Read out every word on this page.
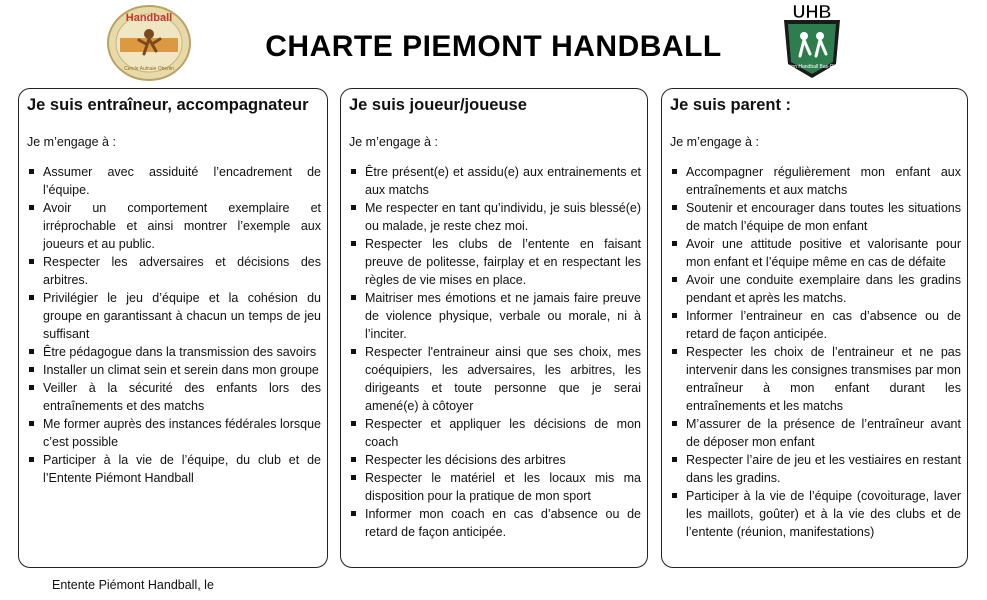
Handball
Cercle Aulnaie Oberlin
CHARTE PIEMONT HANDBALL
UHB
Union Handball Bas-Rhin
Je suis entraîneur, accompagnateur
Je m’engage à :
Assumer avec assiduité l’encadrement de l’équipe.
Avoir un comportement exemplaire et irréprochable et ainsi montrer l’exemple aux joueurs et au public.
Respecter les adversaires et décisions des arbitres.
Privilégier le jeu d’équipe et la cohésion du groupe en garantissant à chacun un temps de jeu suffisant
Être pédagogue dans la transmission des savoirs
Installer un climat sein et serein dans mon groupe
Veiller à la sécurité des enfants lors des entraînements et des matchs
Me former auprès des instances fédérales lorsque c’est possible
Participer à la vie de l’équipe, du club et de l’Entente Piémont Handball
Je suis joueur/joueuse
Je m’engage à :
Être présent(e) et assidu(e) aux entrainements et aux matchs
Me respecter en tant qu’individu, je suis blessé(e) ou malade, je reste chez moi.
Respecter les clubs de l’entente en faisant preuve de politesse, fairplay et en respectant les règles de vie mises en place.
Maitriser mes émotions et ne jamais faire preuve de violence physique, verbale ou morale, ni à l’inciter.
Respecter l'entraineur ainsi que ses choix, mes coéquipiers, les adversaires, les arbitres, les dirigeants et toute personne que je serai amené(e) à côtoyer
Respecter et appliquer les décisions de mon coach
Respecter les décisions des arbitres
Respecter le matériel et les locaux mis ma disposition pour la pratique de mon sport
Informer mon coach en cas d’absence ou de retard de façon anticipée.
Je suis parent :
Je m’engage à :
Accompagner régulièrement mon enfant aux entraînements et aux matchs
Soutenir et encourager dans toutes les situations de match l’équipe de mon enfant
Avoir une attitude positive et valorisante pour mon enfant et l’équipe même en cas de défaite
Avoir une conduite exemplaire dans les gradins pendant et après les matchs.
Informer l’entraineur en cas d’absence ou de retard de façon anticipée.
Respecter les choix de l’entraineur et ne pas intervenir dans les consignes transmises par mon entraîneur à mon enfant durant les entraînements et les matchs
M’assurer de la présence de l’entraîneur avant de déposer mon enfant
Respecter l’aire de jeu et les vestiaires en restant dans les gradins.
Participer à la vie de l’équipe (covoiturage, laver les maillots, goûter) et à la vie des clubs et de l’entente (réunion, manifestations)
Entente Piémont Handball, le
